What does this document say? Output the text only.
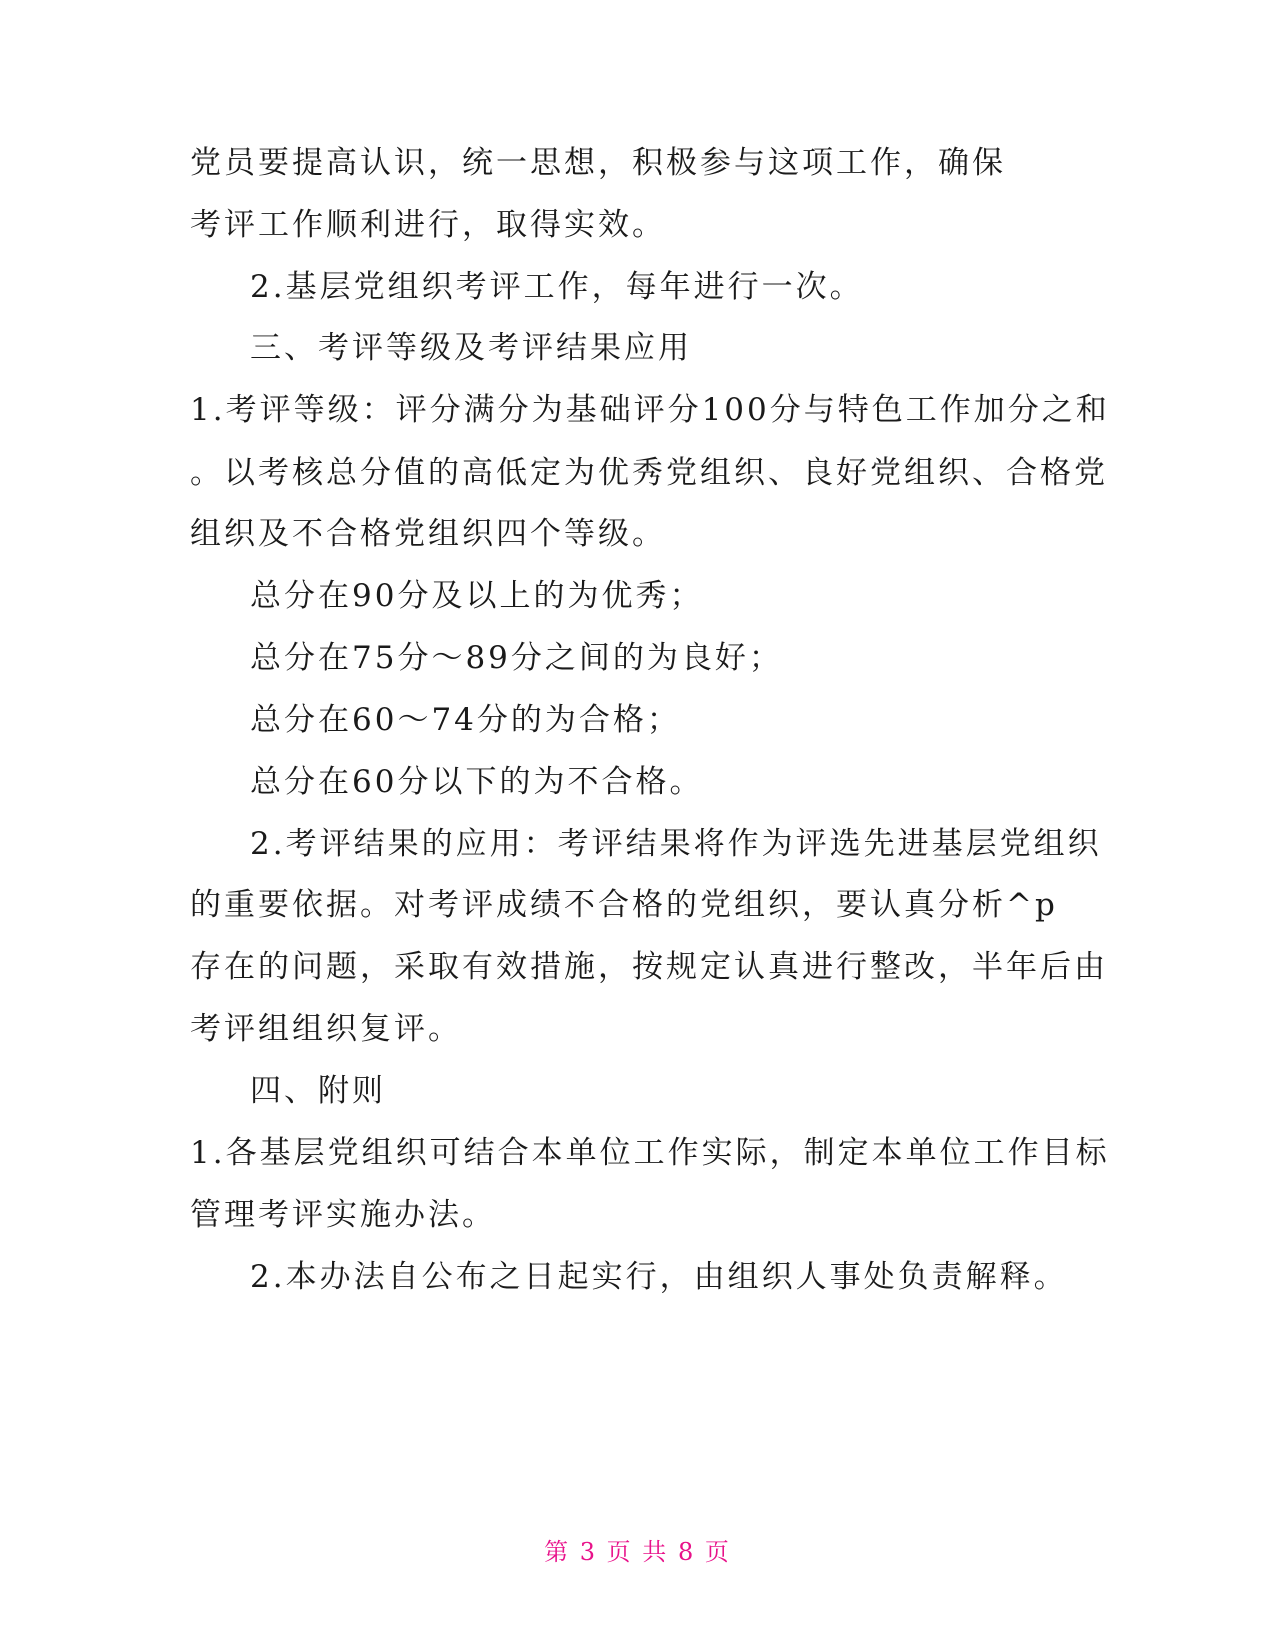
党员要提高认识，统一思想，积极参与这项工作，确保
考评工作顺利进行，取得实效。
2.基层党组织考评工作，每年进行一次。
三、考评等级及考评结果应用
1.考评等级：评分满分为基础评分100分与特色工作加分之和
。以考核总分值的高低定为优秀党组织、良好党组织、合格党
组织及不合格党组织四个等级。
总分在90分及以上的为优秀；
总分在75分～89分之间的为良好；
总分在60～74分的为合格；
总分在60分以下的为不合格。
2.考评结果的应用：考评结果将作为评选先进基层党组织
的重要依据。对考评成绩不合格的党组织，要认真分析^p
存在的问题，采取有效措施，按规定认真进行整改，半年后由
考评组组织复评。
四、附则
1.各基层党组织可结合本单位工作实际，制定本单位工作目标
管理考评实施办法。
2.本办法自公布之日起实行，由组织人事处负责解释。
第 3 页 共 8 页
